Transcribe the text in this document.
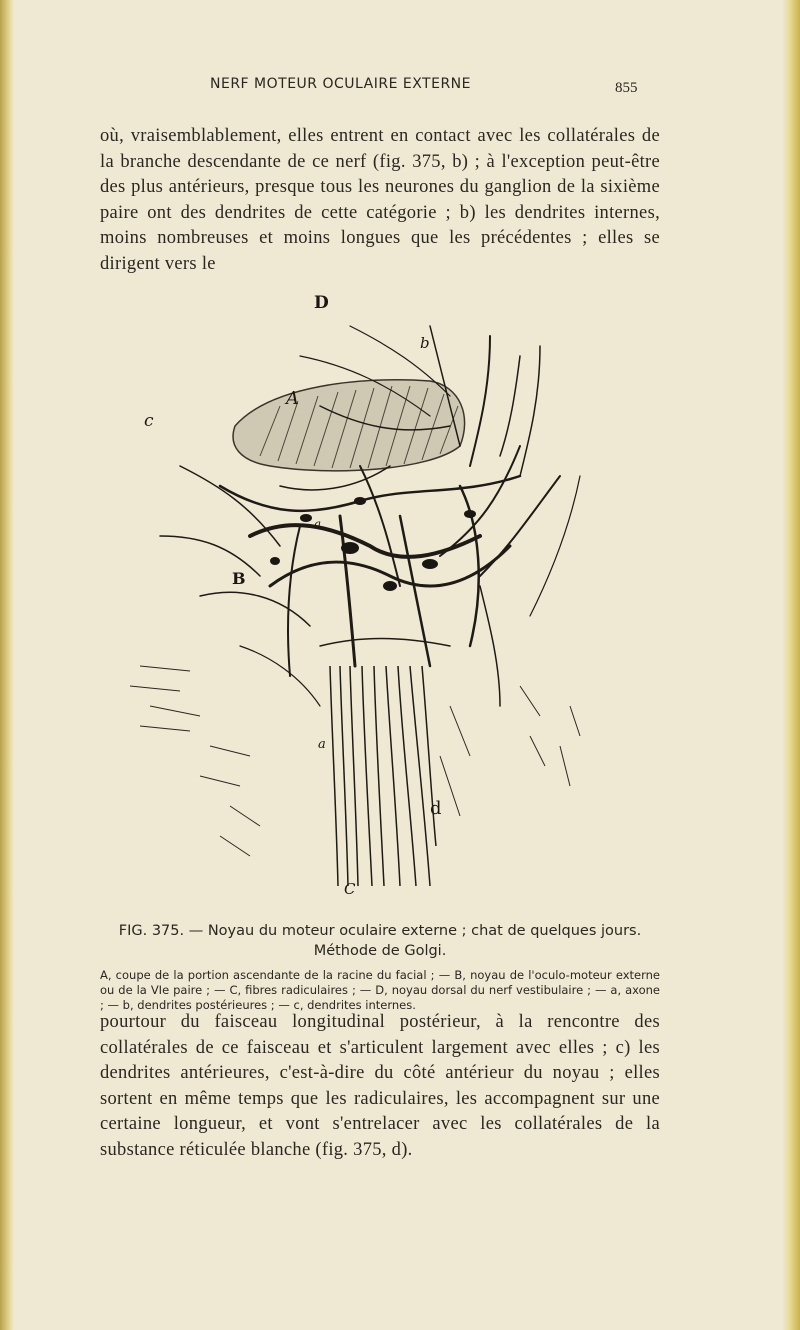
NERF MOTEUR OCULAIRE EXTERNE	855

où, vraisemblablement, elles entrent en contact avec les collatérales de la branche descendante de ce nerf (fig. 375, b) ; à l'exception peut-être des plus antérieurs, presque tous les neurones du ganglion de la sixième paire ont des dendrites de cette catégorie ; b) les dendrites internes, moins nombreuses et moins longues que les précédentes ; elles se dirigent vers le

D
A
b
c
a
B
a
d
C
FIG. 375. — Noyau du moteur oculaire externe ; chat de quelques jours. Méthode de Golgi.
A, coupe de la portion ascendante de la racine du facial ; — B, noyau de l'oculo-moteur externe ou de la VIe paire ; — C, fibres radiculaires ; — D, noyau dorsal du nerf vestibulaire ; — a, axone ; — b, dendrites postérieures ; — c, dendrites internes.

pourtour du faisceau longitudinal postérieur, à la rencontre des collatérales de ce faisceau et s'articulent largement avec elles ; c) les dendrites antérieures, c'est-à-dire du côté antérieur du noyau ; elles sortent en même temps que les radiculaires, les accompagnent sur une certaine longueur, et vont s'entrelacer avec les collatérales de la substance réticulée blanche (fig. 375, d).
